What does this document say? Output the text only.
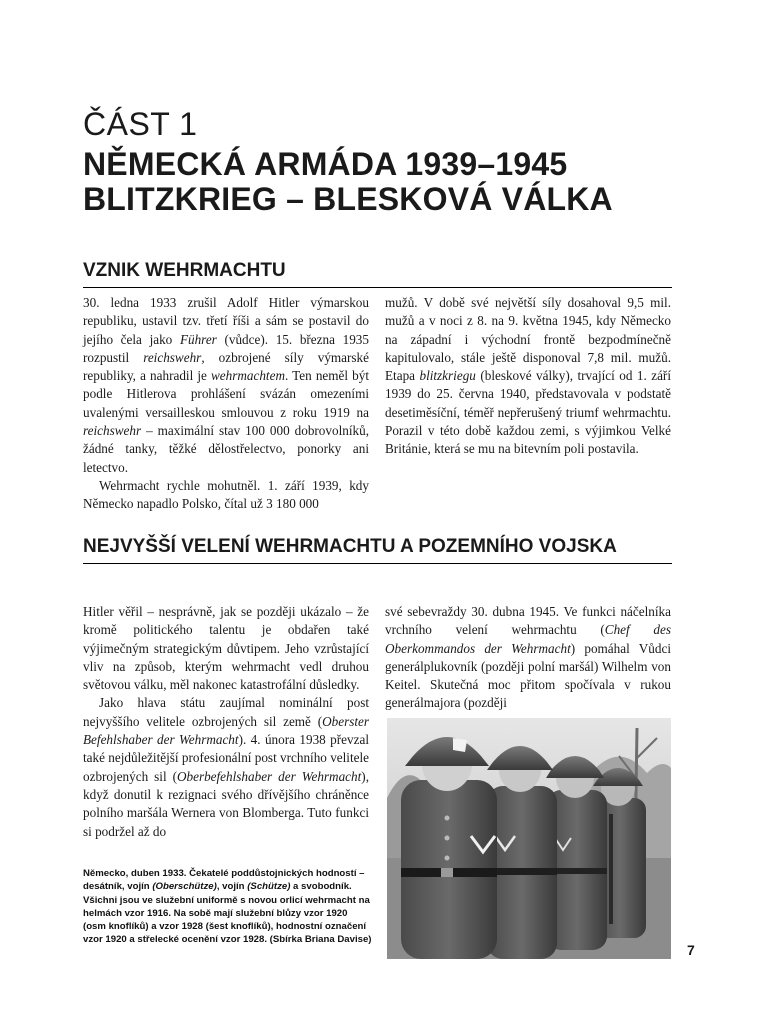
ČÁST 1
NĚMECKÁ ARMÁDA 1939–1945
BLITZKRIEG – BLESKOVÁ VÁLKA
VZNIK WEHRMACHTU

30. ledna 1933 zrušil Adolf Hitler výmarskou republiku, ustavil tzv. třetí říši a sám se postavil do jejího čela jako Führer (vůdce). 15. března 1935 rozpustil reichswehr, ozbrojené síly výmarské republiky, a nahradil je wehrmachtem. Ten neměl být podle Hitlerova prohlášení svázán omezeními uvalenými versailleskou smlouvou z roku 1919 na reichswehr – maximální stav 100 000 dobrovolníků, žádné tanky, těžké dělostřelectvo, ponorky ani letectvo.

Wehrmacht rychle mohutněl. 1. září 1939, kdy Německo napadlo Polsko, čítal už 3 180 000

mužů. V době své největší síly dosahoval 9,5 mil. mužů a v noci z 8. na 9. května 1945, kdy Německo na západní i východní frontě bezpodmínečně kapitulovalo, stále ještě disponoval 7,8 mil. mužů. Etapa blitzkriegu (bleskové války), trvající od 1. září 1939 do 25. června 1940, představovala v podstatě desetiměsíční, téměř nepřerušený triumf wehrmachtu. Porazil v této době každou zemi, s výjimkou Velké Británie, která se mu na bitevním poli postavila.

NEJVYŠŠÍ VELENÍ WEHRMACHTU A POZEMNÍHO VOJSKA

Hitler věřil – nesprávně, jak se později ukázalo – že kromě politického talentu je obdařen také výjimečným strategickým důvtipem. Jeho vzrůstající vliv na způsob, kterým wehrmacht vedl druhou světovou válku, měl nakonec katastrofální důsledky.

Jako hlava státu zaujímal nominální post nejvyššího velitele ozbrojených sil země (Oberster Befehlshaber der Wehrmacht). 4. února 1938 převzal také nejdůležitější profesionální post vrchního velitele ozbrojených sil (Oberbefehlshaber der Wehrmacht), když donutil k rezignaci svého dřívějšího chráněnce polního maršála Wernera von Blomberga. Tuto funkci si podržel až do

své sebevraždy 30. dubna 1945. Ve funkci náčelníka vrchního velení wehrmachtu (Chef des Oberkommandos der Wehrmacht) pomáhal Vůdci generálplukovník (později polní maršál) Wilhelm von Keitel. Skutečná moc přitom spočívala v rukou generálmajora (později

Německo, duben 1933. Čekatelé poddůstojnických hodností – desátník, vojín (Oberschütze), vojín (Schütze) a svobodník. Všichni jsou ve služební uniformě s novou orlicí wehrmacht na helmách vzor 1916. Na sobě mají služební blůzy vzor 1920 (osm knoflíků) a vzor 1928 (šest knoflíků), hodnostní označení vzor 1920 a střelecké ocenění vzor 1928. (Sbírka Briana Davise)
7
